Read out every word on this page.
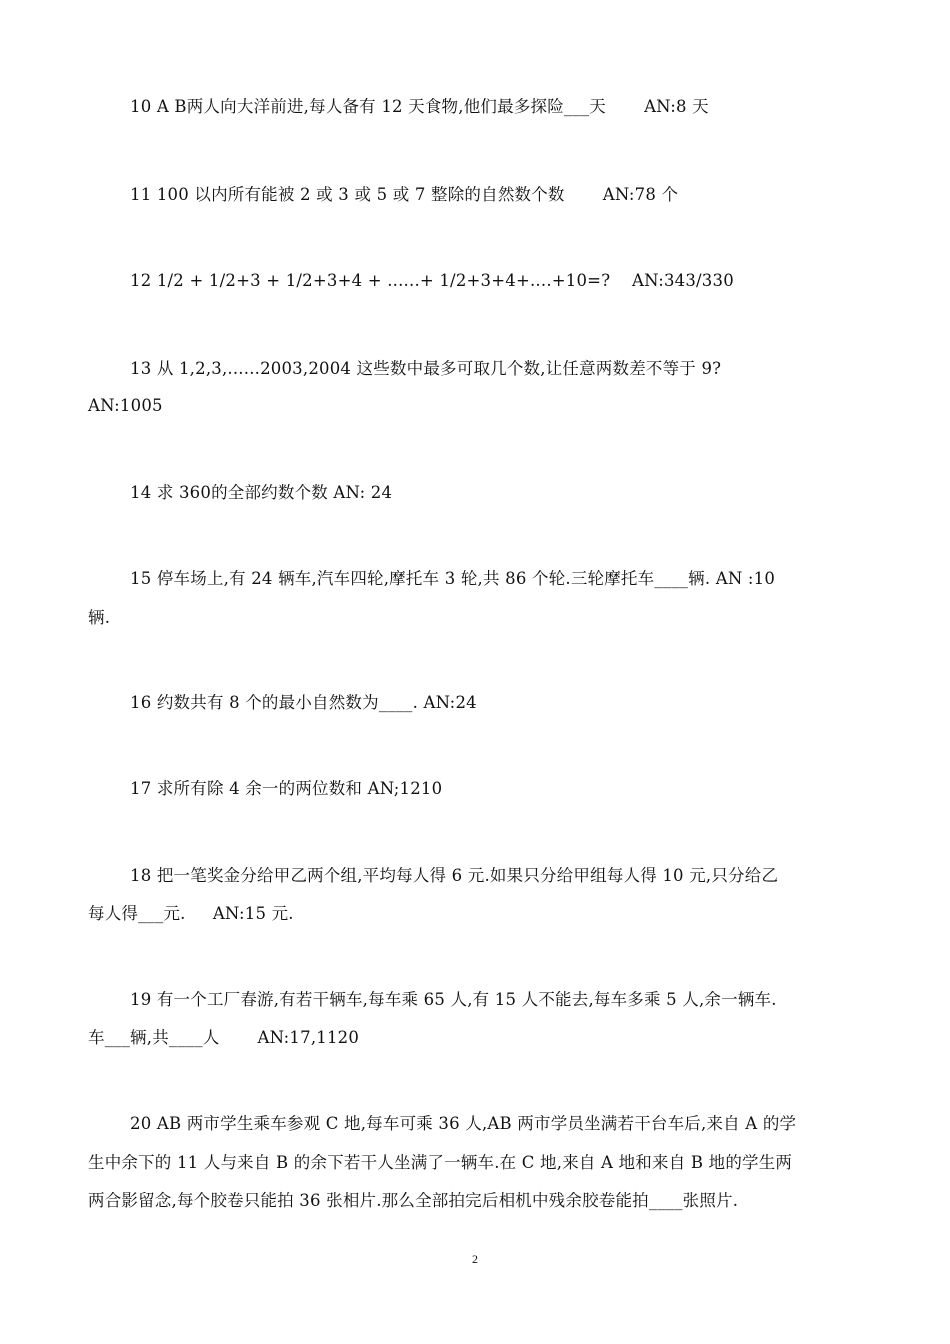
10 A B两人向大洋前进,每人备有 12 天食物,他们最多探险___天       AN:8 天
11 100 以内所有能被 2 或 3 或 5 或 7 整除的自然数个数       AN:78 个
12 1/2 + 1/2+3 + 1/2+3+4 + ......+ 1/2+3+4+....+10=?    AN:343/330
13 从 1,2,3,......2003,2004 这些数中最多可取几个数,让任意两数差不等于 9?
AN:1005
14 求 360的全部约数个数 AN: 24
15 停车场上,有 24 辆车,汽车四轮,摩托车 3 轮,共 86 个轮.三轮摩托车____辆. AN :10
辆.
16 约数共有 8 个的最小自然数为____. AN:24
17 求所有除 4 余一的两位数和 AN;1210
18 把一笔奖金分给甲乙两个组,平均每人得 6 元.如果只分给甲组每人得 10 元,只分给乙
每人得___元.     AN:15 元.
19 有一个工厂春游,有若干辆车,每车乘 65 人,有 15 人不能去,每车多乘 5 人,余一辆车.
车___辆,共____人       AN:17,1120
20 AB 两市学生乘车参观 C 地,每车可乘 36 人,AB 两市学员坐满若干台车后,来自 A 的学
生中余下的 11 人与来自 B 的余下若干人坐满了一辆车.在 C 地,来自 A 地和来自 B 地的学生两
两合影留念,每个胶卷只能拍 36 张相片.那么全部拍完后相机中残余胶卷能拍____张照片.
2
